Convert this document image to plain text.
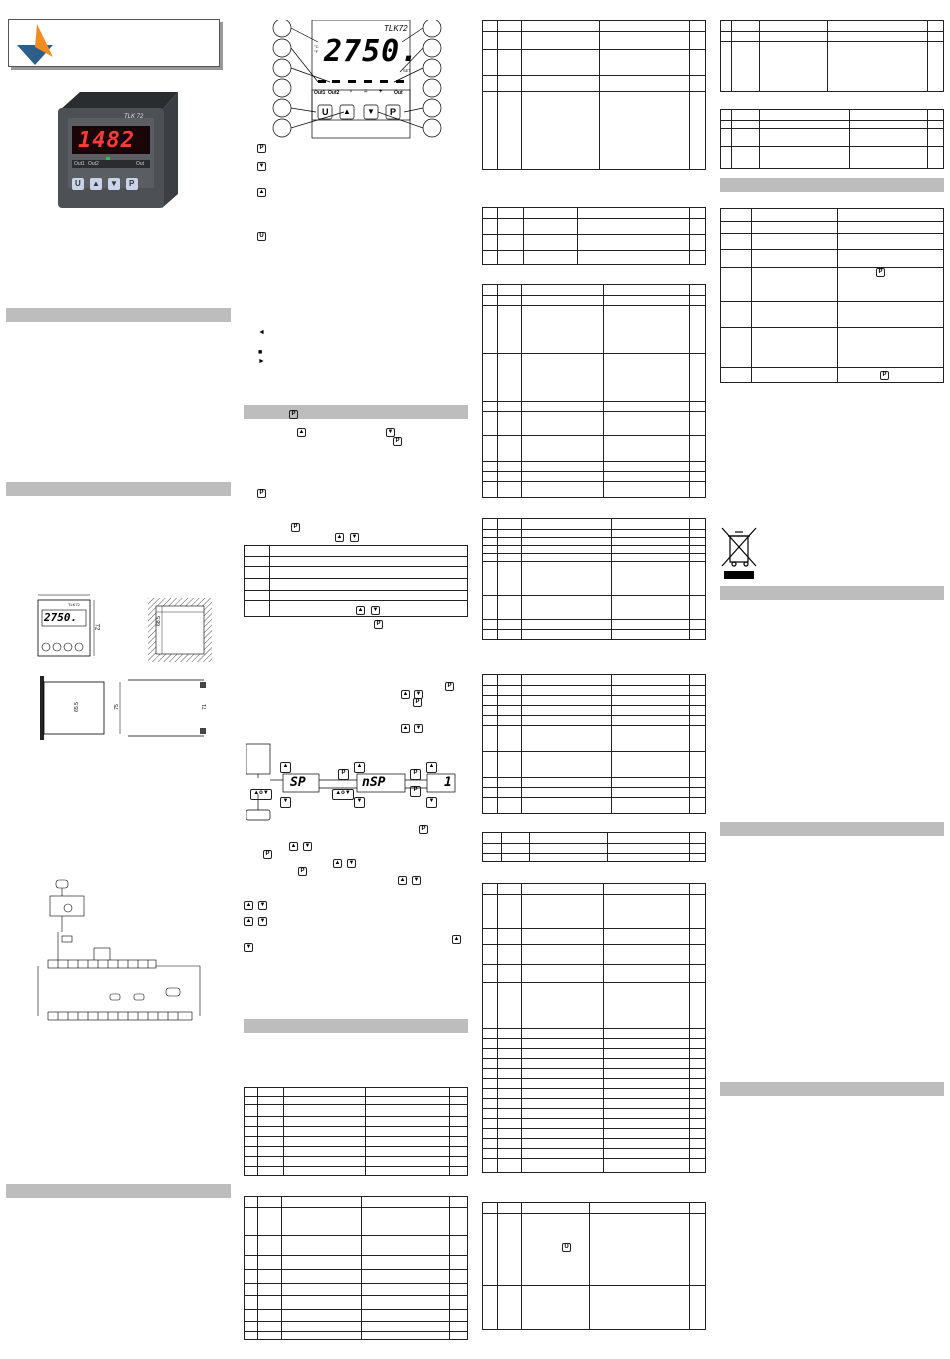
TLK 72
1482
Out1 Out2	Out
U ▲ ▼ P
TLK72
2750.
72
68.5
65.5	75	71
TLK72
2750.
°C°F
SET
Out1 Out2 - = + Out
U ▲ ▼ P
P
▼
▲
U
◄
■
►
P
▲	▼
P
P
P
▲ ▼
▲ ▼
P
P
▲ ▼
P
▲ ▼
SP	nSP	1
▲	▲	▲
P	P
P
▲o▼	▲o▼
▼	▼	▼
P
▲ ▼
P
▲ ▼
P
▲ ▼
▲ ▼
▲ ▼
▲
▼
U
P
P
